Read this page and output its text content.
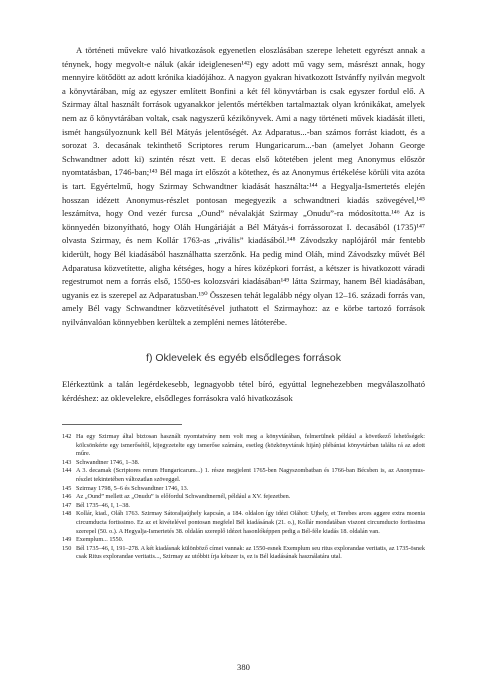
A történeti művekre való hivatkozások egyenetlen eloszlásában szerepe lehetett egyrészt annak a ténynek, hogy megvolt-e náluk (akár ideiglenesen¹⁴²) egy adott mű vagy sem, másrészt annak, hogy mennyire kötődött az adott krónika kiadójához. A nagyon gyakran hivatkozott Istvánffy nyilván megvolt a könyvtárában, míg az egyszer említett Bonfini a két fél könyvtárban is csak egyszer fordul elő. A Szirmay által használt források ugyanakkor jelentős mértékben tartalmaztak olyan krónikákat, amelyek nem az ő könyvtárában voltak, csak nagyszerű kézikönyvek. Ami a nagy történeti művek kiadását illeti, ismét hangsúlyoznunk kell Bél Mátyás jelentőségét. Az Adparatus...-ban számos forrást kiadott, és a sorozat 3. decasának tekinthető Scriptores rerum Hungaricarum...-ban (amelyet Johann George Schwandtner adott ki) szintén részt vett. E decas első kötetében jelent meg Anonymus először nyomtatásban, 1746-ban;¹⁴³ Bél maga írt előszót a kötethez, és az Anonymus értékelése körüli vita azóta is tart. Egyértelmű, hogy Szirmay Schwandtner kiadását használta:¹⁴⁴ a Hegyalja-Ismertetés elején hosszan idézett Anonymus-részlet pontosan megegyezik a schwandtneri kiadás szövegével,¹⁴⁵ leszámítva, hogy Ond vezér furcsa „Ound” névalakját Szirmay „Onudu”-ra módosította.¹⁴⁶ Az is könnyedén bizonyítható, hogy Oláh Hungáriáját a Bél Mátyás-i forrássorozat I. decasából (1735)¹⁴⁷ olvasta Szirmay, és nem Kollár 1763-as „rivális” kiadásából.¹⁴⁸ Závodszky naplójáról már fentebb kiderült, hogy Bél kiadásából használhatta szerzőnk. Ha pedig mind Oláh, mind Závodszky művét Bél Adparatusa közvetítette, aligha kétséges, hogy a híres középkori forrást, a kétszer is hivatkozott váradi regestrumot nem a forrás első, 1550-es kolozsvári kiadásában¹⁴⁹ látta Szirmay, hanem Bél kiadásában, ugyanis ez is szerepel az Adparatusban.¹⁵⁰ Összesen tehát legalább négy olyan 12–16. századi forrás van, amely Bél vagy Schwandtner közvetítésével juthatott el Szirmayhoz: az e körbe tartozó források nyilvánvalóan könnyebben kerültek a zempléni nemes látóterébe.

f) Oklevelek és egyéb elsődleges források

Elérkeztünk a talán legérdekesebb, legnagyobb tétel bíró, egyúttal legnehezebben megválaszolható kérdéshez: az oklevelekre, elsődleges forrásokra való hivatkozások

142 Ha egy Szirmay által biztosan használt nyomtatvány nem volt meg a könyvtárában, felmerülnek például a következő lehetőségek: kölcsönkérte egy ismerősétől, kijegyzetelte egy ismerőse számára, esetleg (közkönyvtárak hiján) plébániai könyvtárban találta rá az adott műre.
143 Schwandtner 1746, 1–38.
144 A 3. decamak (Scriptores rerum Hungaricarum...) 1. része megjelent 1765-ben Nagyszombatban és 1766-ban Bécsben is, az Anonymus-részlet tekintetében változatlan szöveggel.
145 Szirmay 1798, 5–6 és Schwandtner 1746, 13.
146 Az „Ound” mellett az „Onudu” is előfordul Schwandtnernél, például a XV. fejezetben.
147 Bél 1735–46, I, 1–38.
148 Kollár, kiad., Oláh 1763. Szirmay Sátoraljaújhely kapcsán, a 184. oldalon így idézi Oláhot: Ujhely, et Terebes arces aggere extra moenia circumducta fortissimo. Ez az et kivételével pontosan megfelel Bél kiadásának (21. o.), Kollár mondatában viszont circumducto fortissima szerepel (50. o.). A Hegyalja-Ismertetés 38. oldalán szereplő idézet hasonlóképpen pedig a Bél-féle kiadás 18. oldalán van.
149 Exemplum... 1550.
150 Bél 1735–46, I, 191–278. A két kiadásnak különböző címei vannak: az 1550-esnek Exemplum seu ritus explorandae veritatis, az 1735-ösnek csak Ritus explorandae veritatis..., Szirmay az utóbbit írja kétszer is, ez is Bél kiadásának használatára utal.
380
